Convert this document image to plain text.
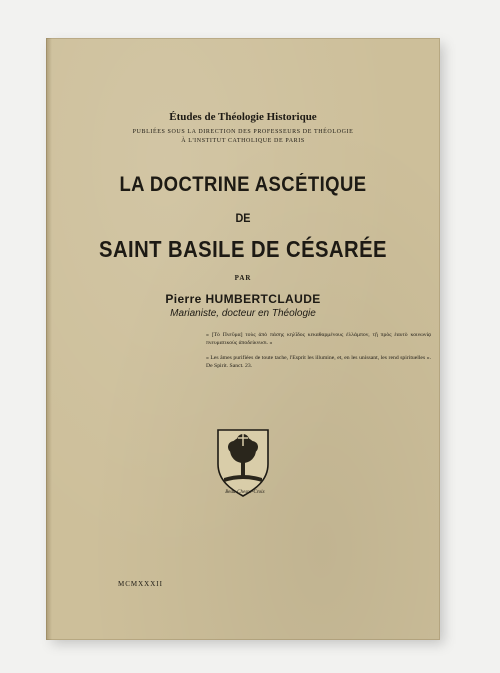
Études de Théologie Historique
PUBLIÉES SOUS LA DIRECTION DES PROFESSEURS DE THÉOLOGIE
À L'INSTITUT CATHOLIQUE DE PARIS
LA DOCTRINE ASCÉTIQUE
DE
SAINT BASILE DE CÉSARÉE
PAR
Pierre HUMBERTCLAUDE
Marianiste, docteur en Théologie
« [Τὸ Πνεῦμα] τοὺς ἀπὸ πάσης κηλῖδος κεκαθαρμένους ἐλλάμπον, τῇ πρὸς ἑαυτὸ κοινωνίᾳ πνευματικοὺς ἀποδείκνυσι. »
« Les âmes purifiées de toute tache, l'Esprit les illumine, et, en les unissant, les rend spirituelles ». De Spirit. Sanct. 23.
Beau-Chesne-Croix
MCMXXXII
